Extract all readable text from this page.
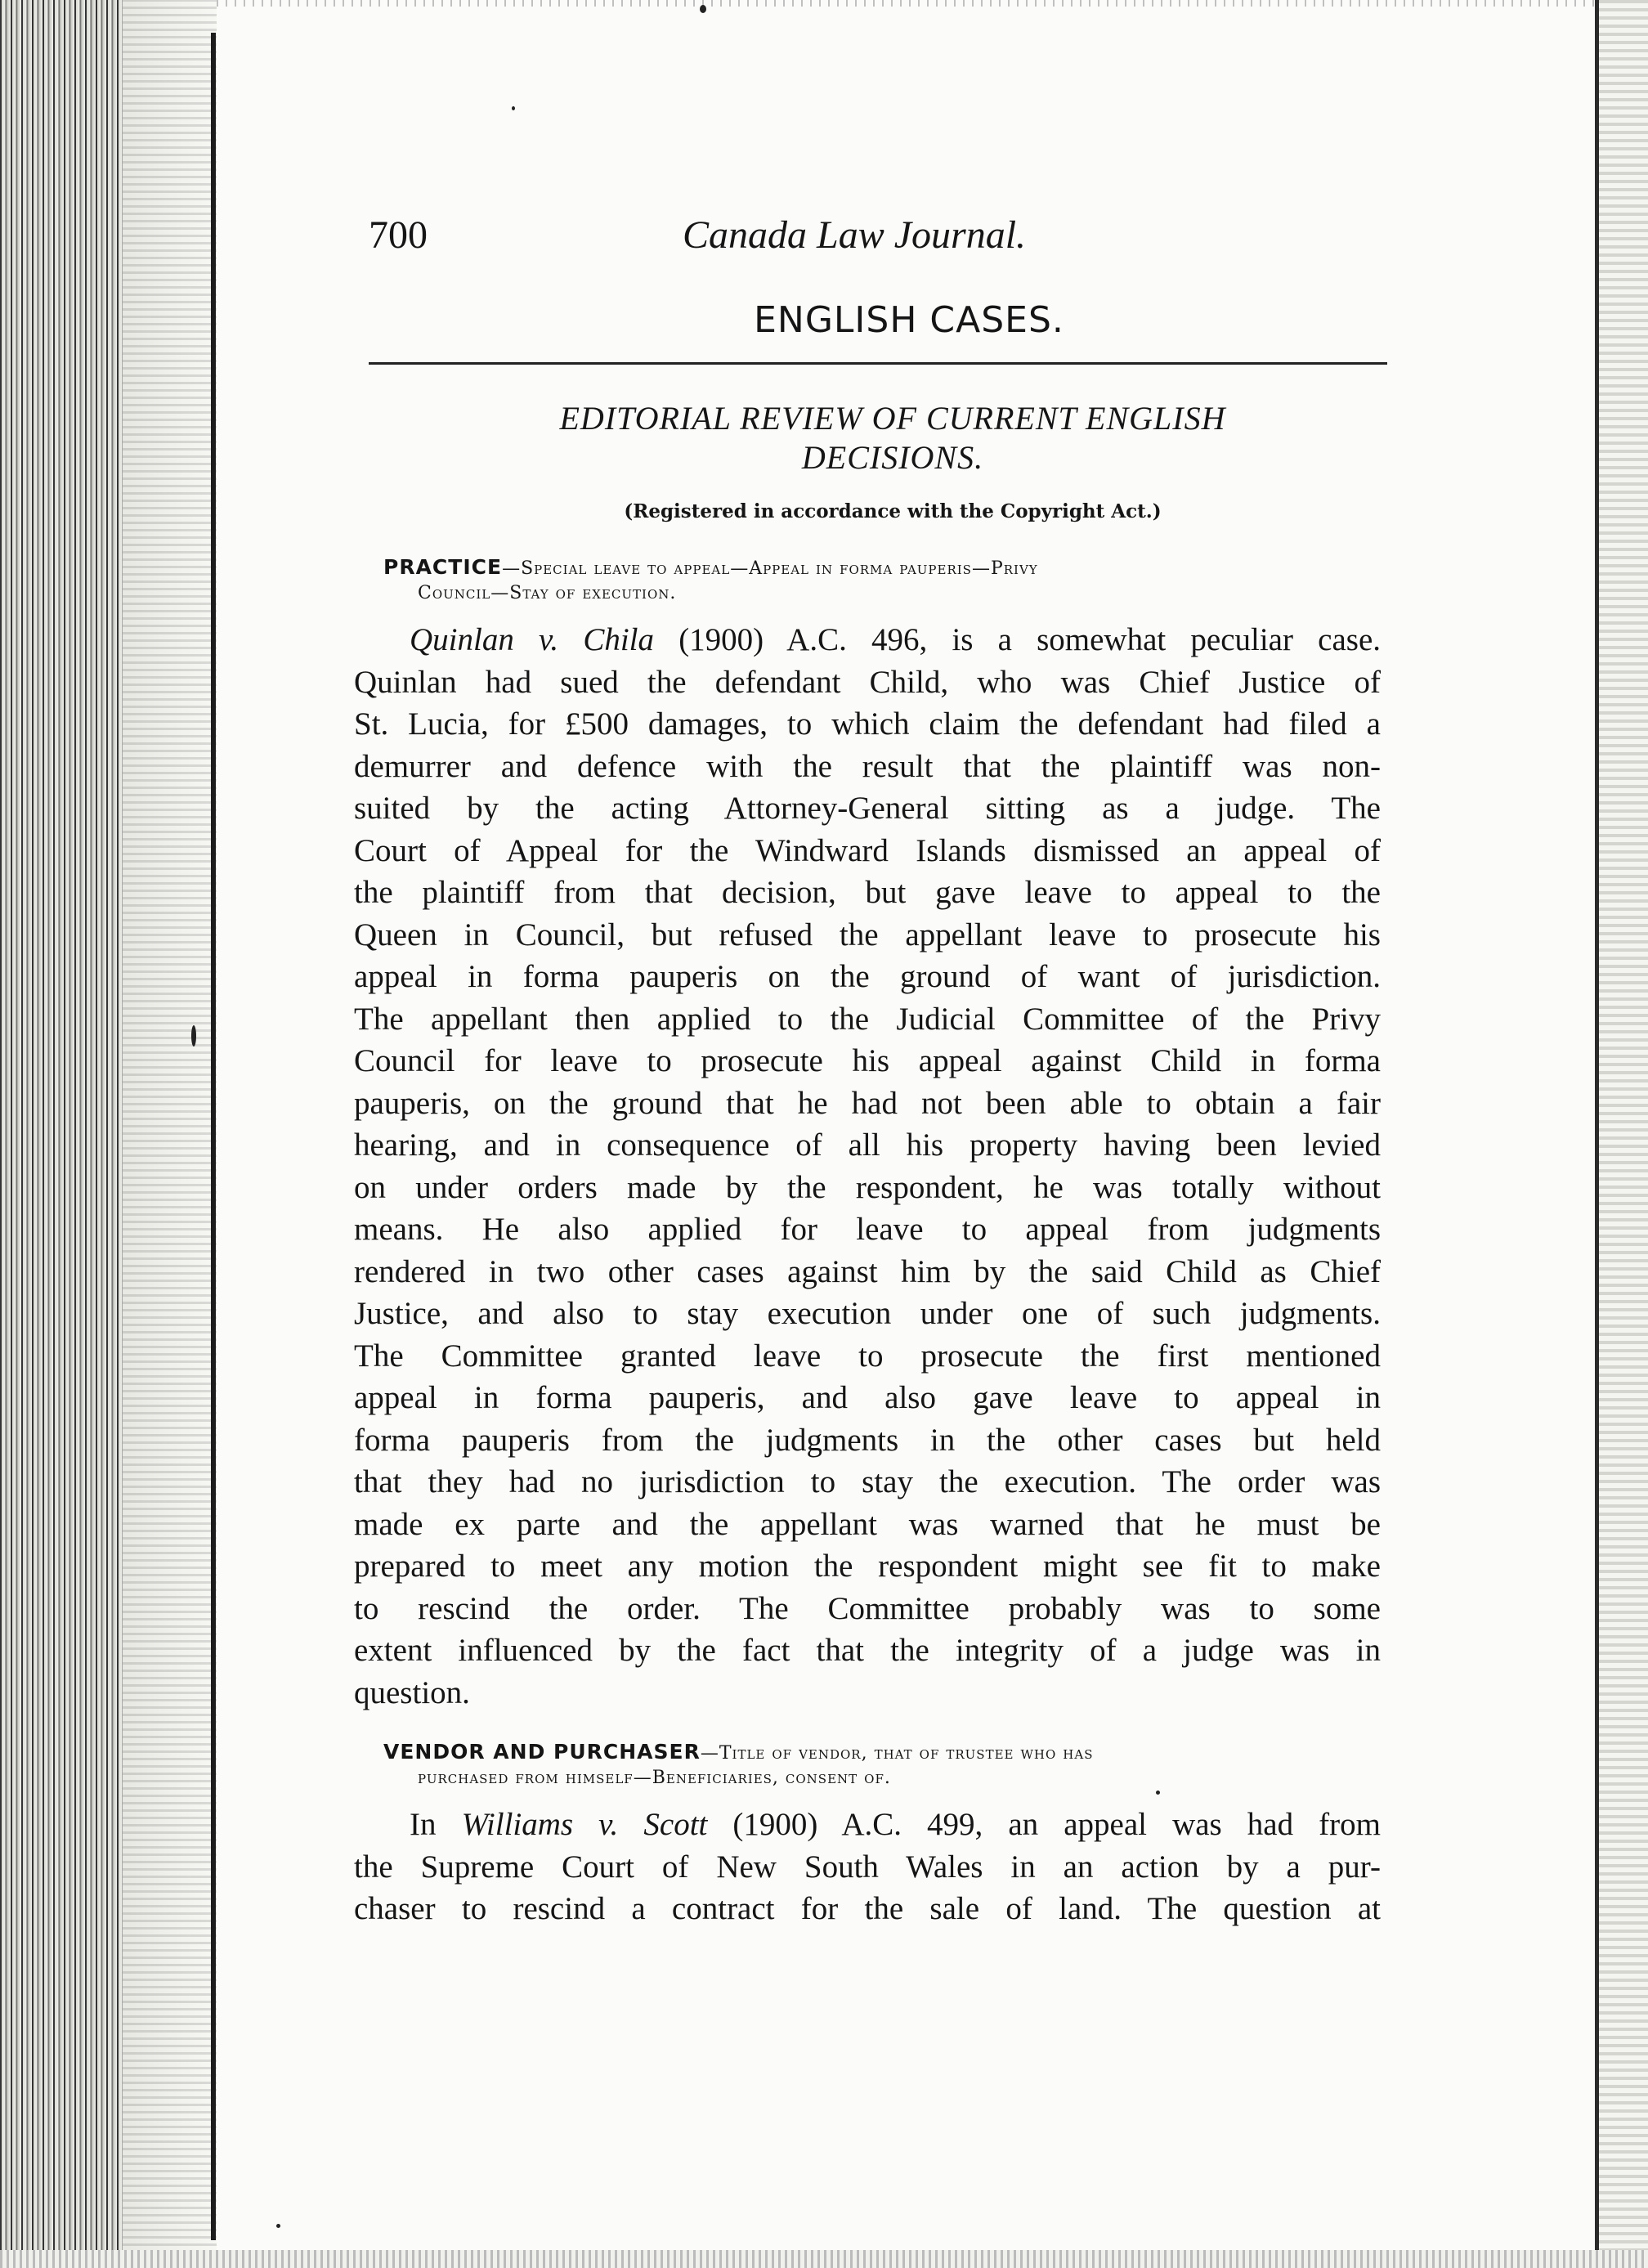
700	Canada Law Journal.
ENGLISH CASES.
EDITORIAL REVIEW OF CURRENT ENGLISH
DECISIONS.
(Registered in accordance with the Copyright Act.)
PRACTICE—Special leave to appeal—Appeal in forma pauperis—Privy
Council—Stay of execution.
Quinlan v. Chila (1900) A.C. 496, is a somewhat peculiar case.
Quinlan had sued the defendant Child, who was Chief Justice of
St. Lucia, for £500 damages, to which claim the defendant had filed a
demurrer and defence with the result that the plaintiff was non-
suited by the acting Attorney-General sitting as a judge. The
Court of Appeal for the Windward Islands dismissed an appeal of
the plaintiff from that decision, but gave leave to appeal to the
Queen in Council, but refused the appellant leave to prosecute his
appeal in forma pauperis on the ground of want of jurisdiction.
The appellant then applied to the Judicial Committee of the Privy
Council for leave to prosecute his appeal against Child in forma
pauperis, on the ground that he had not been able to obtain a fair
hearing, and in consequence of all his property having been levied
on under orders made by the respondent, he was totally without
means. He also applied for leave to appeal from judgments
rendered in two other cases against him by the said Child as Chief
Justice, and also to stay execution under one of such judgments.
The Committee granted leave to prosecute the first mentioned
appeal in forma pauperis, and also gave leave to appeal in
forma pauperis from the judgments in the other cases but held
that they had no jurisdiction to stay the execution. The order was
made ex parte and the appellant was warned that he must be
prepared to meet any motion the respondent might see fit to make
to rescind the order. The Committee probably was to some
extent influenced by the fact that the integrity of a judge was in
question.
VENDOR AND PURCHASER—Title of vendor, that of trustee who has
purchased from himself—Beneficiaries, consent of.
In Williams v. Scott (1900) A.C. 499, an appeal was had from
the Supreme Court of New South Wales in an action by a pur-
chaser to rescind a contract for the sale of land. The question at
